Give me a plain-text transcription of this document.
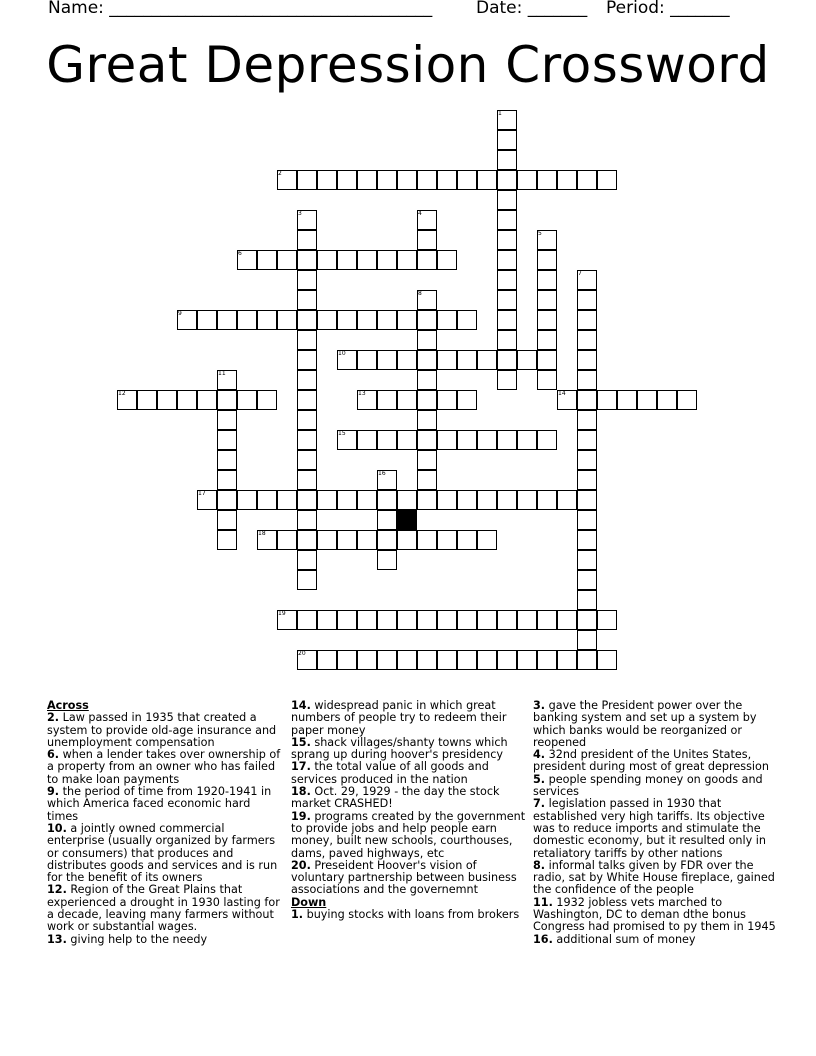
Name: ______________________________________	Date: _______ Period: _______
Great Depression Crossword
1
2
3	4
5
6
7
8
9
10
11
12	13	14
15
16
17
18
19
20
Across
2. Law passed in 1935 that created a system to provide old-age insurance and unemployment compensation
6. when a lender takes over ownership of a property from an owner who has failed to make loan payments
9. the period of time from 1920-1941 in which America faced economic hard times
10. a jointly owned commercial enterprise (usually organized by farmers or consumers) that produces and distributes goods and services and is run for the benefit of its owners
12. Region of the Great Plains that experienced a drought in 1930 lasting for a decade, leaving many farmers without work or substantial wages.
13. giving help to the needy
14. widespread panic in which great numbers of people try to redeem their paper money
15. shack villages/shanty towns which sprang up during hoover's presidency
17. the total value of all goods and services produced in the nation
18. Oct. 29, 1929 - the day the stock market CRASHED!
19. programs created by the government to provide jobs and help people earn money, built new schools, courthouses, dams, paved highways, etc
20. Preseident Hoover's vision of voluntary partnership between business associations and the governemnt
Down
1. buying stocks with loans from brokers
3. gave the President power over the banking system and set up a system by which banks would be reorganized or reopened
4. 32nd president of the Unites States, president during most of great depression
5. people spending money on goods and services
7. legislation passed in 1930 that established very high tariffs. Its objective was to reduce imports and stimulate the domestic economy, but it resulted only in retaliatory tariffs by other nations
8. informal talks given by FDR over the radio, sat by White House fireplace, gained the confidence of the people
11. 1932 jobless vets marched to Washington, DC to deman dthe bonus Congress had promised to py them in 1945
16. additional sum of money
